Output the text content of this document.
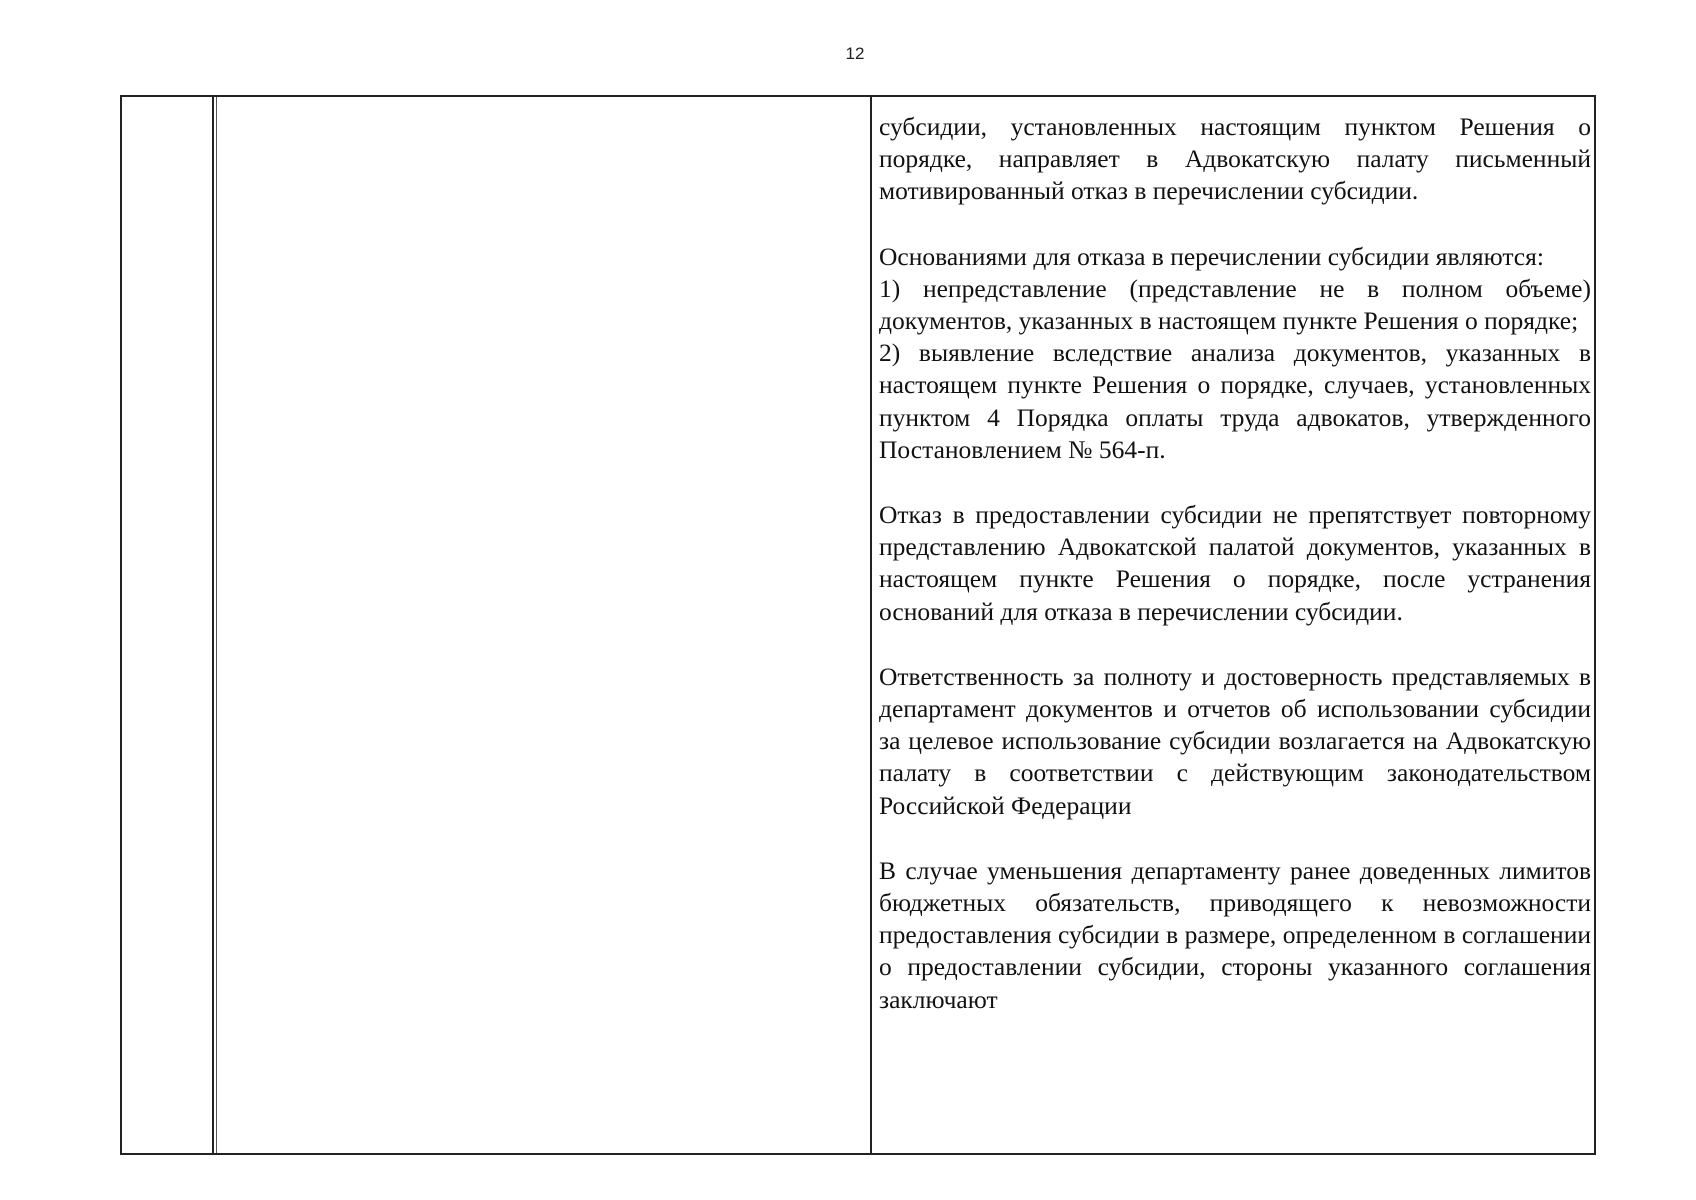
12

субсидии, установленных настоящим пунктом Решения о порядке, направляет в Адвокатскую палату письменный мотивированный отказ в перечислении субсидии.

Основаниями для отказа в перечислении субсидии являются:

1) непредставление (представление не в полном объеме) документов, указанных в настоящем пункте Решения о порядке;

2) выявление вследствие анализа документов, указанных в настоящем пункте Решения о порядке, случаев, установленных пунктом 4 Порядка оплаты труда адвокатов, утвержденного Постановлением № 564-п.

Отказ в предоставлении субсидии не препятствует повторному представлению Адвокатской палатой документов, указанных в настоящем пункте Решения о порядке, после устранения оснований для отказа в перечислении субсидии.

Ответственность за полноту и достоверность представляемых в департамент документов и отчетов об использовании субсидии за целевое использование субсидии возлагается на Адвокатскую палату в соответствии с действующим законодательством Российской Федерации

В случае уменьшения департаменту ранее доведенных лимитов бюджетных обязательств, приводящего к невозможности предоставления субсидии в размере, определенном в соглашении о предоставлении субсидии, стороны указанного соглашения заключают
